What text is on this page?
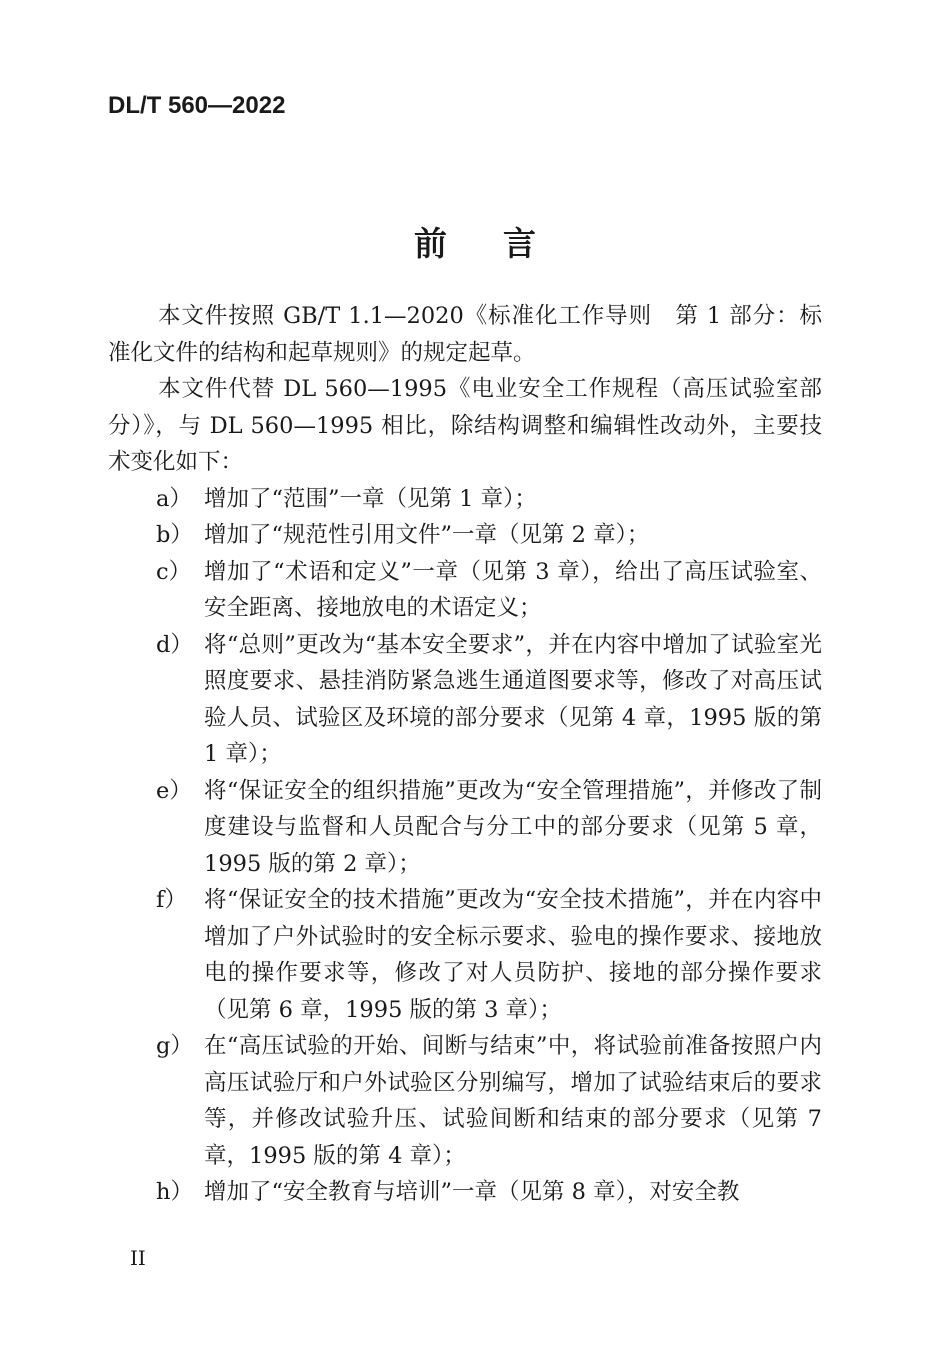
DL/T 560—2022
前言

本文件按照 GB/T 1.1—2020《标准化工作导则　第 1 部分：标准化文件的结构和起草规则》的规定起草。

本文件代替 DL 560—1995《电业安全工作规程（高压试验室部分）》，与 DL 560—1995 相比，除结构调整和编辑性改动外，主要技术变化如下：

a） 增加了“范围”一章（见第 1 章）；
b） 增加了“规范性引用文件”一章（见第 2 章）；
c） 增加了“术语和定义”一章（见第 3 章），给出了高压试验室、安全距离、接地放电的术语定义；
d） 将“总则”更改为“基本安全要求”，并在内容中增加了试验室光照度要求、悬挂消防紧急逃生通道图要求等，修改了对高压试验人员、试验区及环境的部分要求（见第 4 章，1995 版的第 1 章）；
e） 将“保证安全的组织措施”更改为“安全管理措施”，并修改了制度建设与监督和人员配合与分工中的部分要求（见第 5 章，1995 版的第 2 章）；
f） 将“保证安全的技术措施”更改为“安全技术措施”，并在内容中增加了户外试验时的安全标示要求、验电的操作要求、接地放电的操作要求等，修改了对人员防护、接地的部分操作要求（见第 6 章，1995 版的第 3 章）；
g） 在“高压试验的开始、间断与结束”中，将试验前准备按照户内高压试验厅和户外试验区分别编写，增加了试验结束后的要求等，并修改试验升压、试验间断和结束的部分要求（见第 7 章，1995 版的第 4 章）；
h） 增加了“安全教育与培训”一章（见第 8 章），对安全教
II
